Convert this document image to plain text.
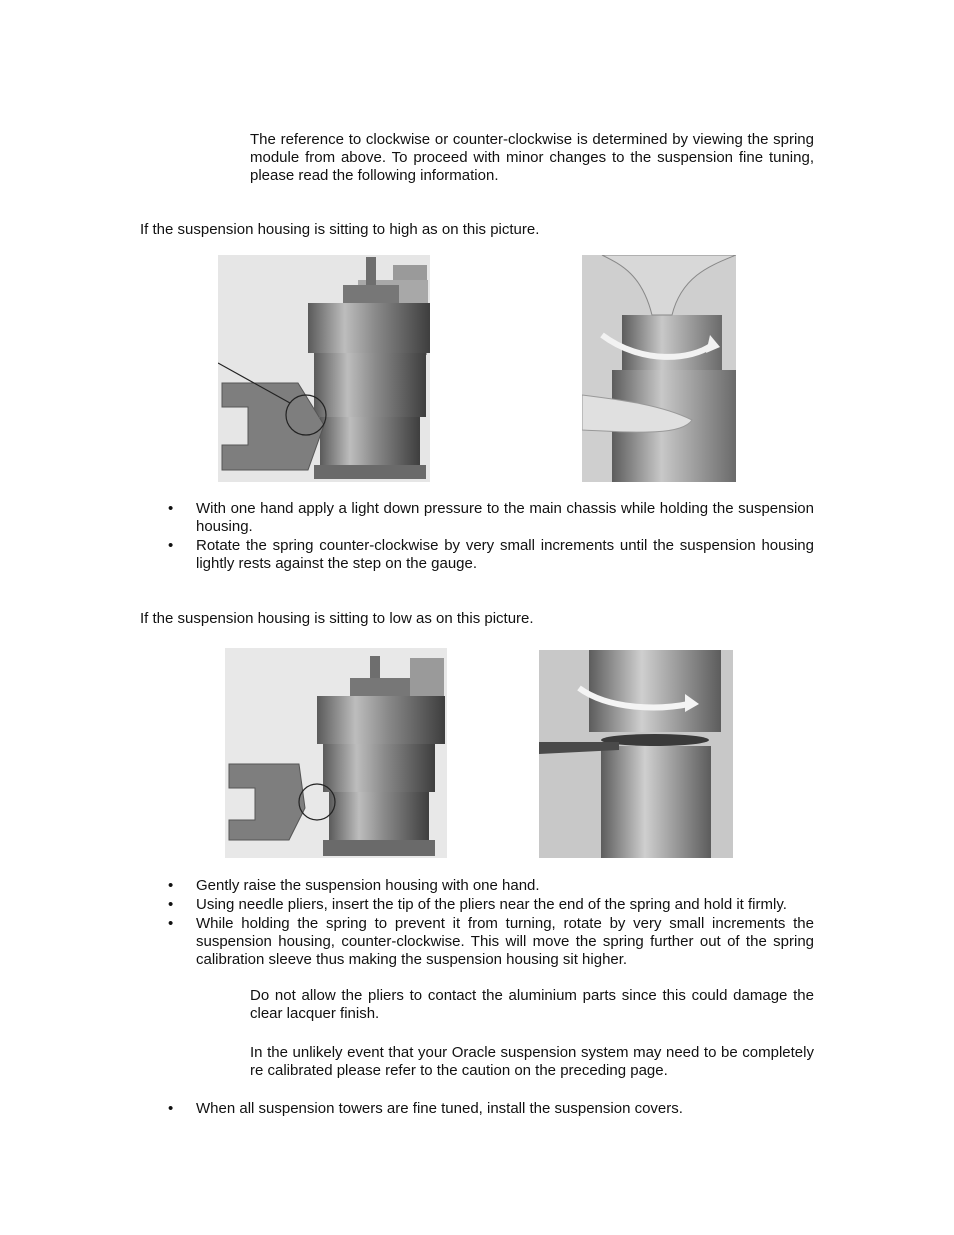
The reference to clockwise or counter-clockwise is determined by viewing the spring module from above. To proceed with minor changes to the suspension fine tuning, please read the following information.
If the suspension housing is sitting to high as on this picture.
• With one hand apply a light down pressure to the main chassis while holding the suspension housing.
• Rotate the spring counter-clockwise by very small increments until the suspension housing lightly rests against the step on the gauge.
If the suspension housing is sitting to low as on this picture.
• Gently raise the suspension housing with one hand.
• Using needle pliers, insert the tip of the pliers near the end of the spring and hold it firmly.
• While holding the spring to prevent it from turning, rotate by very small increments the suspension housing, counter-clockwise. This will move the spring further out of the spring calibration sleeve thus making the suspension housing sit higher.
Do not allow the pliers to contact the aluminium parts since this could damage the clear lacquer finish.
In the unlikely event that your Oracle suspension system may need to be completely re calibrated please refer to the caution on the preceding page.
• When all suspension towers are fine tuned, install the suspension covers.
